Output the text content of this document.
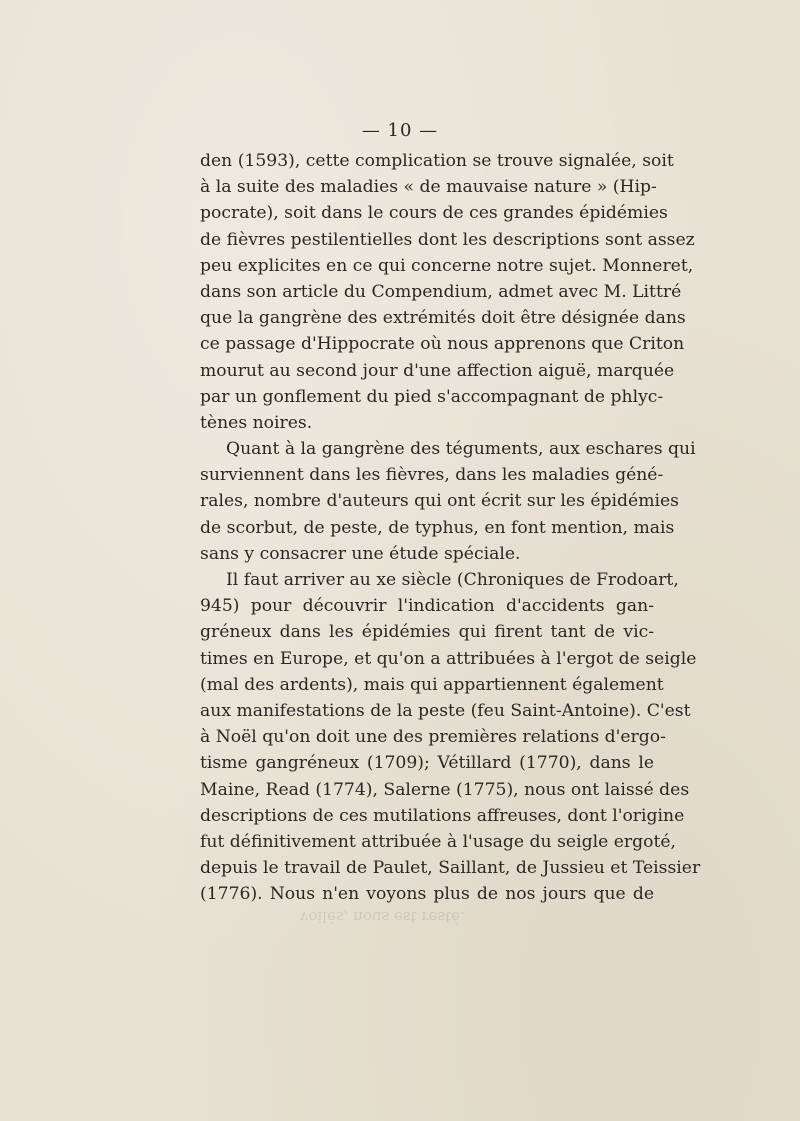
— 10 —
den (1593), cette complication se trouve signalée, soit
à la suite des maladies « de mauvaise nature » (Hip-
pocrate), soit dans le cours de ces grandes épidémies
de fièvres pestilentielles dont les descriptions sont assez
peu explicites en ce qui concerne notre sujet. Monneret,
dans son article du Compendium, admet avec M. Littré
que la gangrène des extrémités doit être désignée dans
ce passage d'Hippocrate où nous apprenons que Criton
mourut au second jour d'une affection aiguë, marquée
par un gonflement du pied s'accompagnant de phlyc-
tènes noires.
Quant à la gangrène des téguments, aux eschares qui
surviennent dans les fièvres, dans les maladies géné-
rales, nombre d'auteurs qui ont écrit sur les épidémies
de scorbut, de peste, de typhus, en font mention, mais
sans y consacrer une étude spéciale.
Il faut arriver au xe siècle (Chroniques de Frodoart,
945) pour découvrir l'indication d'accidents gan-
gréneux dans les épidémies qui firent tant de vic-
times en Europe, et qu'on a attribuées à l'ergot de seigle
(mal des ardents), mais qui appartiennent également
aux manifestations de la peste (feu Saint-Antoine). C'est
à Noël qu'on doit une des premières relations d'ergo-
tisme gangréneux (1709); Vétillard (1770), dans le
Maine, Read (1774), Salerne (1775), nous ont laissé des
descriptions de ces mutilations affreuses, dont l'origine
fut définitivement attribuée à l'usage du seigle ergoté,
depuis le travail de Paulet, Saillant, de Jussieu et Teissier
(1776). Nous n'en voyons plus de nos jours que de
voilés, nous est resté.
